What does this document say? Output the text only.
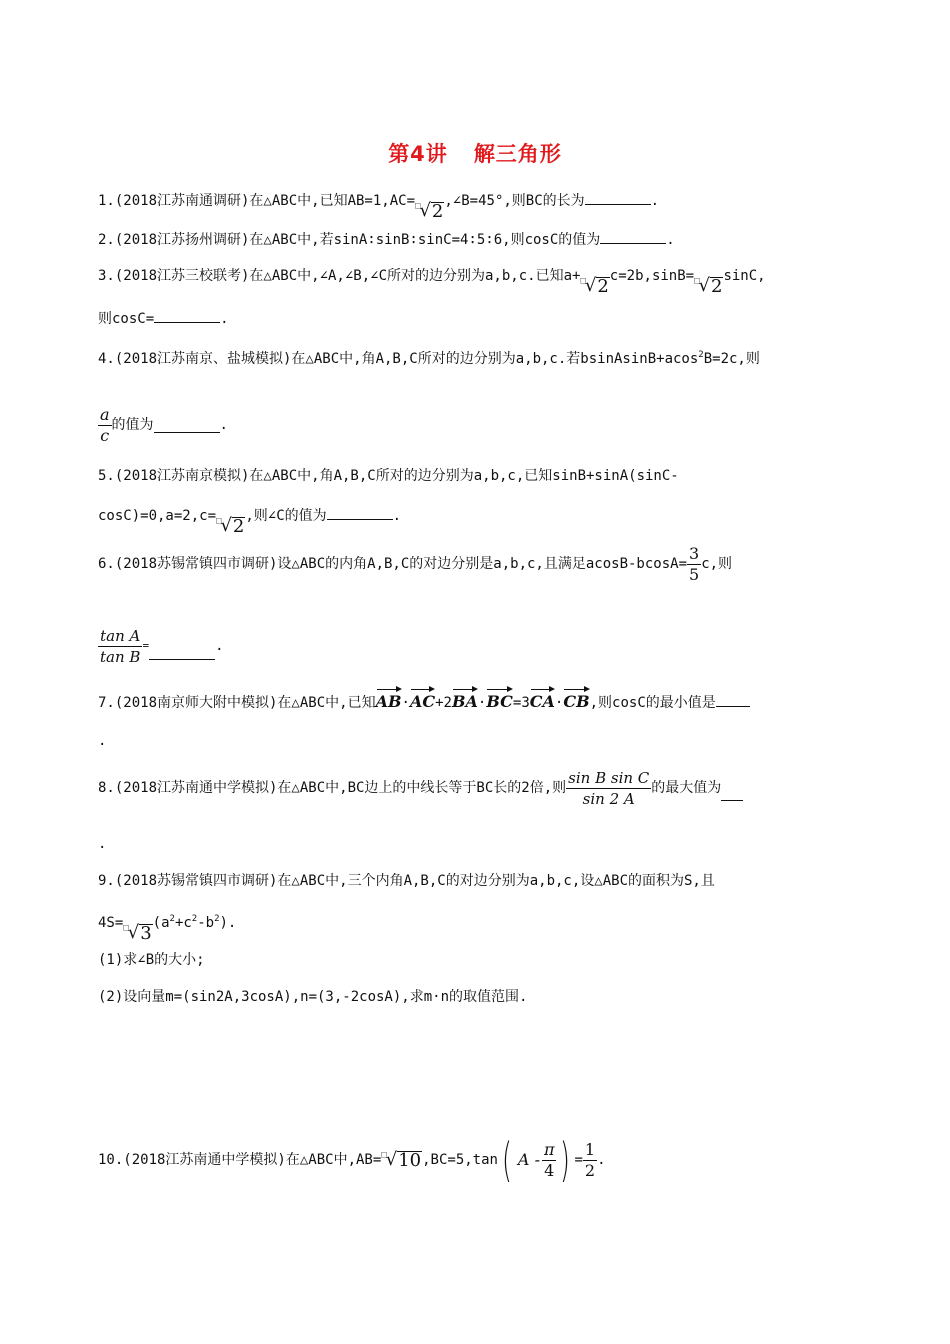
第4讲 解三角形
1.(2018江苏南通调研)在△ABC中,已知AB=1,AC= □ √ 2 ,∠B=45°,则BC的长为	.
2.(2018江苏扬州调研)在△ABC中,若sinA∶sinB∶sinC=4∶5∶6,则cosC的值为	.
3.(2018江苏三校联考)在△ABC中,∠A,∠B,∠C所对的边分别为a,b,c.已知a+ □ √ 2 c=2b,sinB= □ √ 2 sinC,
则cosC=	.
4.(2018江苏南京、盐城模拟)在△ABC中,角A,B,C所对的边分别为a,b,c.若bsinAsinB+acos$^2$B=2c,则
a
c
的值为	.
5.(2018江苏南京模拟)在△ABC中,角A,B,C所对的边分别为a,b,c,已知sinB+sinA(sinC-
cosC)=0,a=2,c= □ √ 2 ,则∠C的值为	.
6.(2018苏锡常镇四市调研)设△ABC的内角A,B,C的对边分别是a,b,c,且满足$acosB-bcosA= \frac{3}{5} c$,则
$\frac{\text{tan A}}{\text{tan B}}$ =	.
7.(2018南京师大附中模拟)在△ABC中,已知AB·AC+2BA·BC=3CA·CB,则cosC的最小值是
.
8.(2018江苏南通中学模拟)在△ABC中,BC边上的中线长等于BC长的2倍,则
sin B sin C
sin 2 A
的最大值为
.
9.(2018苏锡常镇四市调研)在△ABC中,三个内角A,B,C的对边分别为a,b,c,设△ABC的面积为S,且
4S= □ √ 3 $(a^2+c^2-b^2)$.
(1)求∠B的大小;
(2)设向量m=(sin2A,3cosA),n=(3,-2cosA),求m·n的取值范围.
10.(2018江苏南通中学模拟)在△ABC中,AB= □ √ 10 ,BC=5,tan ( A -
π
4 ) = $\frac{1}{2}$ .
